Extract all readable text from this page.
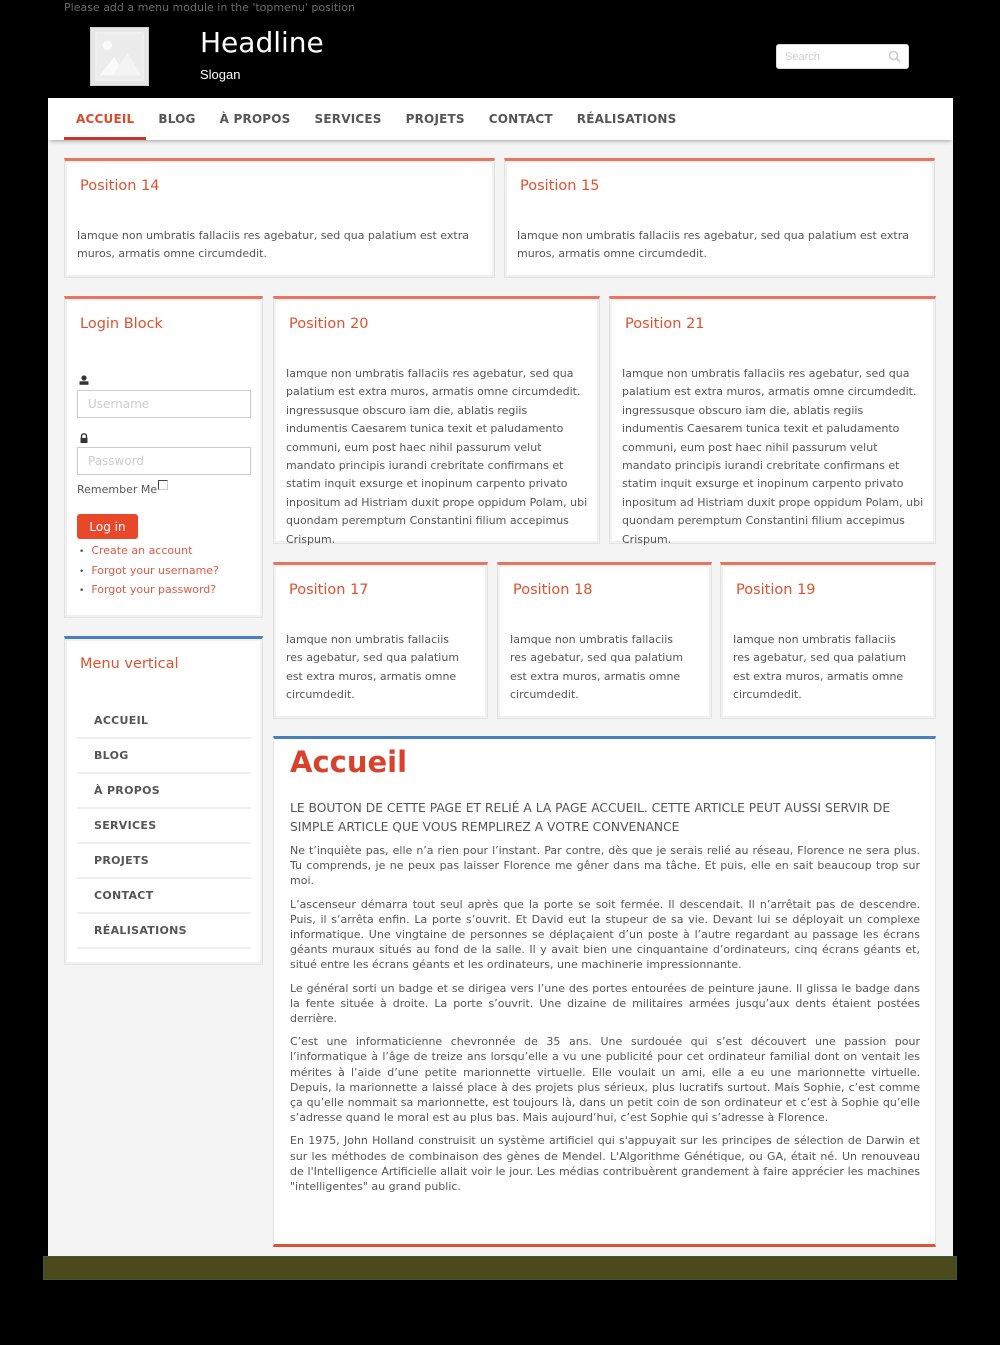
Please add a menu module in the 'topmenu' position
Headline
Slogan
Search
ACCUEIL	BLOG	À PROPOS	SERVICES	PROJETS	CONTACT	RÉALISATIONS
Position 14
Iamque non umbratis fallaciis res agebatur, sed qua palatium est extra muros, armatis omne circumdedit.
Position 15
Iamque non umbratis fallaciis res agebatur, sed qua palatium est extra muros, armatis omne circumdedit.
Login Block
Username
Remember Me
Log in
• Create an account
• Forgot your username?
• Forgot your password?
Position 20
Iamque non umbratis fallaciis res agebatur, sed qua palatium est extra muros, armatis omne circumdedit. ingressusque obscuro iam die, ablatis regiis indumentis Caesarem tunica texit et paludamento communi, eum post haec nihil passurum velut mandato principis iurandi crebritate confirmans et statim inquit exsurge et inopinum carpento privato inpositum ad Histriam duxit prope oppidum Polam, ubi quondam peremptum Constantini filium accepimus Crispum.
Position 21
Iamque non umbratis fallaciis res agebatur, sed qua palatium est extra muros, armatis omne circumdedit. ingressusque obscuro iam die, ablatis regiis indumentis Caesarem tunica texit et paludamento communi, eum post haec nihil passurum velut mandato principis iurandi crebritate confirmans et statim inquit exsurge et inopinum carpento privato inpositum ad Histriam duxit prope oppidum Polam, ubi quondam peremptum Constantini filium accepimus Crispum.
Position 17
Iamque non umbratis fallaciis res agebatur, sed qua palatium est extra muros, armatis omne circumdedit.
Position 18
Iamque non umbratis fallaciis res agebatur, sed qua palatium est extra muros, armatis omne circumdedit.
Position 19
Iamque non umbratis fallaciis res agebatur, sed qua palatium est extra muros, armatis omne circumdedit.
Menu vertical
ACCUEIL
BLOG
À PROPOS
SERVICES
PROJETS
CONTACT
RÉALISATIONS
Accueil
LE BOUTON DE CETTE PAGE ET RELIÉ A LA PAGE ACCUEIL. CETTE ARTICLE PEUT AUSSI SERVIR DE SIMPLE ARTICLE QUE VOUS REMPLIREZ A VOTRE CONVENANCE

Ne t’inquiète pas, elle n’a rien pour l’instant. Par contre, dès que je serais relié au réseau, Florence ne sera plus. Tu comprends, je ne peux pas laisser Florence me gêner dans ma tâche. Et puis, elle en sait beaucoup trop sur moi.

L’ascenseur démarra tout seul après que la porte se soit fermée. Il descendait. Il n’arrêtait pas de descendre. Puis, il s’arrêta enfin. La porte s’ouvrit. Et David eut la stupeur de sa vie. Devant lui se déployait un complexe informatique. Une vingtaine de personnes se déplaçaient d’un poste à l’autre regardant au passage les écrans géants muraux situés au fond de la salle. Il y avait bien une cinquantaine d’ordinateurs, cinq écrans géants et, situé entre les écrans géants et les ordinateurs, une machinerie impressionnante.

Le général sorti un badge et se dirigea vers l’une des portes entourées de peinture jaune. Il glissa le badge dans la fente située à droite. La porte s’ouvrit. Une dizaine de militaires armées jusqu’aux dents étaient postées derrière.

C’est une informaticienne chevronnée de 35 ans. Une surdouée qui s’est découvert une passion pour l’informatique à l’âge de treize ans lorsqu’elle a vu une publicité pour cet ordinateur familial dont on ventait les mérites à l’aide d’une petite marionnette virtuelle. Elle voulait un ami, elle a eu une marionnette virtuelle. Depuis, la marionnette a laissé place à des projets plus sérieux, plus lucratifs surtout. Mais Sophie, c’est comme ça qu’elle nommait sa marionnette, est toujours là, dans un petit coin de son ordinateur et c’est à Sophie qu’elle s’adresse quand le moral est au plus bas. Mais aujourd’hui, c’est Sophie qui s’adresse à Florence.

En 1975, John Holland construisit un système artificiel qui s'appuyait sur les principes de sélection de Darwin et sur les méthodes de combinaison des gènes de Mendel. L'Algorithme Génétique, ou GA, était né. Un renouveau de l'Intelligence Artificielle allait voir le jour. Les médias contribuèrent grandement à faire apprécier les machines "intelligentes" au grand public.
